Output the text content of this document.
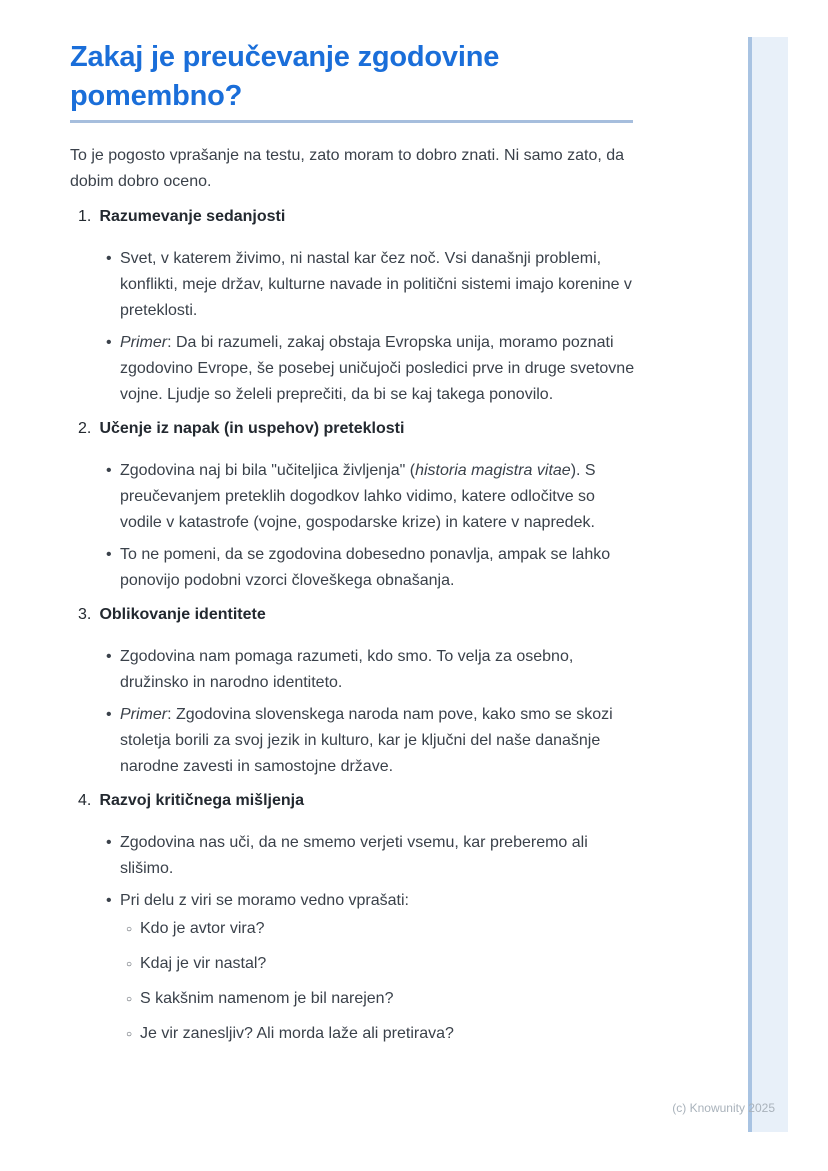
Zakaj je preučevanje zgodovine pomembno?

To je pogosto vprašanje na testu, zato moram to dobro znati. Ni samo zato, da dobim dobro oceno.

1. Razumevanje sedanjosti
• Svet, v katerem živimo, ni nastal kar čez noč. Vsi današnji problemi, konflikti, meje držav, kulturne navade in politični sistemi imajo korenine v preteklosti.
• Primer: Da bi razumeli, zakaj obstaja Evropska unija, moramo poznati zgodovino Evrope, še posebej uničujoči posledici prve in druge svetovne vojne. Ljudje so želeli preprečiti, da bi se kaj takega ponovilo.
2. Učenje iz napak (in uspehov) preteklosti
• Zgodovina naj bi bila "učiteljica življenja" (historia magistra vitae). S preučevanjem preteklih dogodkov lahko vidimo, katere odločitve so vodile v katastrofe (vojne, gospodarske krize) in katere v napredek.
• To ne pomeni, da se zgodovina dobesedno ponavlja, ampak se lahko ponovijo podobni vzorci človeškega obnašanja.
3. Oblikovanje identitete
• Zgodovina nam pomaga razumeti, kdo smo. To velja za osebno, družinsko in narodno identiteto.
• Primer: Zgodovina slovenskega naroda nam pove, kako smo se skozi stoletja borili za svoj jezik in kulturo, kar je ključni del naše današnje narodne zavesti in samostojne države.
4. Razvoj kritičnega mišljenja
• Zgodovina nas uči, da ne smemo verjeti vsemu, kar preberemo ali slišimo.
• Pri delu z viri se moramo vedno vprašati:
○ Kdo je avtor vira?
○ Kdaj je vir nastal?
○ S kakšnim namenom je bil narejen?
○ Je vir zanesljiv? Ali morda laže ali pretirava?
(c) Knowunity 2025
